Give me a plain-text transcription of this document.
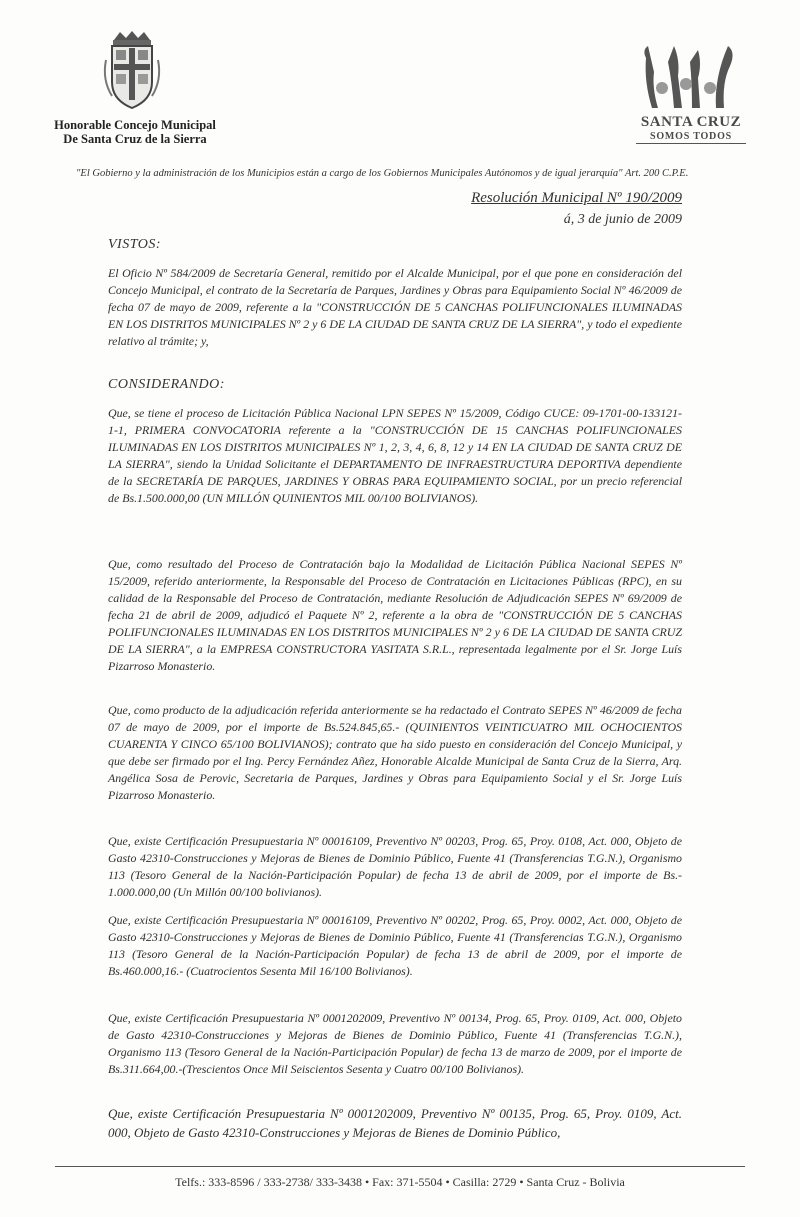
Honorable Concejo Municipal
De Santa Cruz de la Sierra
SANTA CRUZ
SOMOS TODOS
"El Gobierno y la administración de los Municipios están a cargo de los Gobiernos Municipales Autónomos y de igual jerarquía" Art. 200 C.P.E.
Resolución Municipal Nº 190/2009
á, 3 de junio de 2009
VISTOS:
El Oficio Nº 584/2009 de Secretaría General, remitido por el Alcalde Municipal, por el que pone en consideración del Concejo Municipal, el contrato de la Secretaría de Parques, Jardines y Obras para Equipamiento Social Nº 46/2009 de fecha 07 de mayo de 2009, referente a la "CONSTRUCCIÓN DE 5 CANCHAS POLIFUNCIONALES ILUMINADAS EN LOS DISTRITOS MUNICIPALES Nº 2 y 6 DE LA CIUDAD DE SANTA CRUZ DE LA SIERRA", y todo el expediente relativo al trámite; y,
CONSIDERANDO:
Que, se tiene el proceso de Licitación Pública Nacional LPN SEPES Nº 15/2009, Código CUCE: 09-1701-00-133121-1-1, PRIMERA CONVOCATORIA referente a la "CONSTRUCCIÓN DE 15 CANCHAS POLIFUNCIONALES ILUMINADAS EN LOS DISTRITOS MUNICIPALES Nº 1, 2, 3, 4, 6, 8, 12 y 14 EN LA CIUDAD DE SANTA CRUZ DE LA SIERRA", siendo la Unidad Solicitante el DEPARTAMENTO DE INFRAESTRUCTURA DEPORTIVA dependiente de la SECRETARÍA DE PARQUES, JARDINES Y OBRAS PARA EQUIPAMIENTO SOCIAL, por un precio referencial de Bs.1.500.000,00 (UN MILLÓN QUINIENTOS MIL 00/100 BOLIVIANOS).
Que, como resultado del Proceso de Contratación bajo la Modalidad de Licitación Pública Nacional SEPES Nº 15/2009, referido anteriormente, la Responsable del Proceso de Contratación en Licitaciones Públicas (RPC), en su calidad de la Responsable del Proceso de Contratación, mediante Resolución de Adjudicación SEPES Nº 69/2009 de fecha 21 de abril de 2009, adjudicó el Paquete Nº 2, referente a la obra de "CONSTRUCCIÓN DE 5 CANCHAS POLIFUNCIONALES ILUMINADAS EN LOS DISTRITOS MUNICIPALES Nº 2 y 6 DE LA CIUDAD DE SANTA CRUZ DE LA SIERRA", a la EMPRESA CONSTRUCTORA YASITATA S.R.L., representada legalmente por el Sr. Jorge Luís Pizarroso Monasterio.
Que, como producto de la adjudicación referida anteriormente se ha redactado el Contrato SEPES Nº 46/2009 de fecha 07 de mayo de 2009, por el importe de Bs.524.845,65.- (QUINIENTOS VEINTICUATRO MIL OCHOCIENTOS CUARENTA Y CINCO 65/100 BOLIVIANOS); contrato que ha sido puesto en consideración del Concejo Municipal, y que debe ser firmado por el Ing. Percy Fernández Añez, Honorable Alcalde Municipal de Santa Cruz de la Sierra, Arq. Angélica Sosa de Perovic, Secretaria de Parques, Jardines y Obras para Equipamiento Social y el Sr. Jorge Luís Pizarroso Monasterio.
Que, existe Certificación Presupuestaria Nº 00016109, Preventivo Nº 00203, Prog. 65, Proy. 0108, Act. 000, Objeto de Gasto 42310-Construcciones y Mejoras de Bienes de Dominio Público, Fuente 41 (Transferencias T.G.N.), Organismo 113 (Tesoro General de la Nación-Participación Popular) de fecha 13 de abril de 2009, por el importe de Bs.- 1.000.000,00 (Un Millón 00/100 bolivianos).
Que, existe Certificación Presupuestaria Nº 00016109, Preventivo Nº 00202, Prog. 65, Proy. 0002, Act. 000, Objeto de Gasto 42310-Construcciones y Mejoras de Bienes de Dominio Público, Fuente 41 (Transferencias T.G.N.), Organismo 113 (Tesoro General de la Nación-Participación Popular) de fecha 13 de abril de 2009, por el importe de Bs.460.000,16.- (Cuatrocientos Sesenta Mil 16/100 Bolivianos).
Que, existe Certificación Presupuestaria Nº 0001202009, Preventivo Nº 00134, Prog. 65, Proy. 0109, Act. 000, Objeto de Gasto 42310-Construcciones y Mejoras de Bienes de Dominio Público, Fuente 41 (Transferencias T.G.N.), Organismo 113 (Tesoro General de la Nación-Participación Popular) de fecha 13 de marzo de 2009, por el importe de Bs.311.664,00.-(Trescientos Once Mil Seiscientos Sesenta y Cuatro 00/100 Bolivianos).
Que, existe Certificación Presupuestaria Nº 0001202009, Preventivo Nº 00135, Prog. 65, Proy. 0109, Act. 000, Objeto de Gasto 42310-Construcciones y Mejoras de Bienes de Dominio Público,
Telfs.: 333-8596 / 333-2738/ 333-3438 • Fax: 371-5504 • Casilla: 2729 • Santa Cruz - Bolivia
